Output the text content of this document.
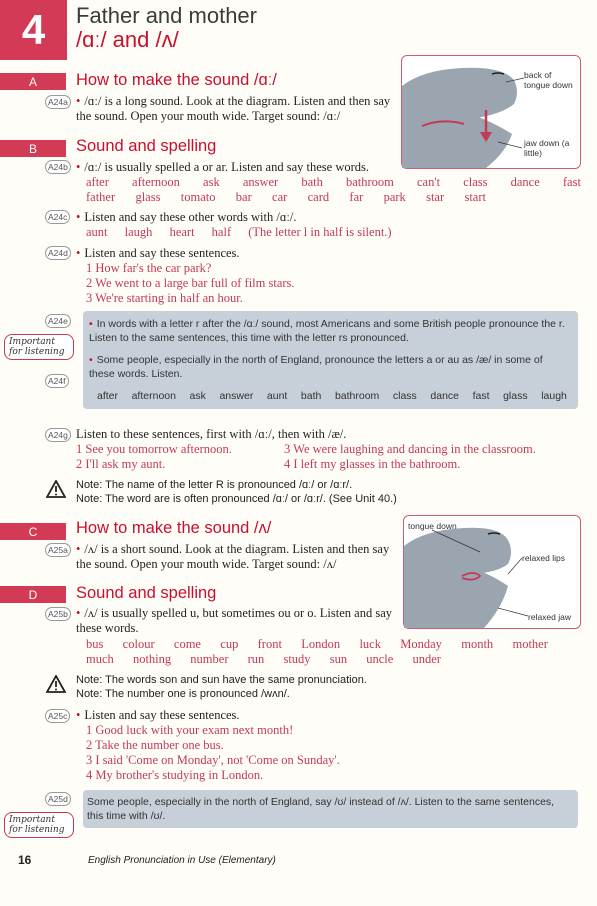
4 Father and mother
/ɑː/ and /ʌ/
A How to make the sound /ɑː/
A24a • /ɑː/ is a long sound. Look at the diagram. Listen and then say the sound. Open your mouth wide. Target sound: /ɑː/
back of tongue down
jaw down (a little)
B Sound and spelling
A24b • /ɑː/ is usually spelled a or ar. Listen and say these words.
after afternoon ask answer bath bathroom can't class dance fast
father glass tomato bar car card far park star start
A24c • Listen and say these other words with /ɑː/.
aunt laugh heart half (The letter l in half is silent.)
A24d • Listen and say these sentences.
1 How far's the car park?
2 We went to a large bar full of film stars.
3 We're starting in half an hour.
A24e
Important for listening
A24f
• In words with a letter r after the /ɑː/ sound, most Americans and some British people pronounce the r. Listen to the same sentences, this time with the letter rs pronounced.
• Some people, especially in the north of England, pronounce the letters a or au as /æ/ in some of these words. Listen.
after afternoon ask answer aunt bath bathroom class dance fast glass laugh
A24g Listen to these sentences, first with /ɑː/, then with /æ/.
1 See you tomorrow afternoon.
2 I'll ask my aunt.
3 We were laughing and dancing in the classroom.
4 I left my glasses in the bathroom.
Note: The name of the letter R is pronounced /ɑː/ or /ɑːr/.
Note: The word are is often pronounced /ɑː/ or /ɑːr/. (See Unit 40.)
C How to make the sound /ʌ/
A25a • /ʌ/ is a short sound. Look at the diagram. Listen and then say the sound. Open your mouth wide. Target sound: /ʌ/
tongue down
relaxed lips
relaxed jaw
D Sound and spelling
A25b • /ʌ/ is usually spelled u, but sometimes ou or o. Listen and say these words.
bus colour come cup front London luck Monday month mother
much nothing number run study sun uncle under
Note: The words son and sun have the same pronunciation.
Note: The number one is pronounced /wʌn/.
A25c • Listen and say these sentences.
1 Good luck with your exam next month!
2 Take the number one bus.
3 I said 'Come on Monday', not 'Come on Sunday'.
4 My brother's studying in London.
A25d
Important for listening
Some people, especially in the north of England, say /ʊ/ instead of /ʌ/. Listen to the same sentences, this time with /ʊ/.
16	English Pronunciation in Use (Elementary)
